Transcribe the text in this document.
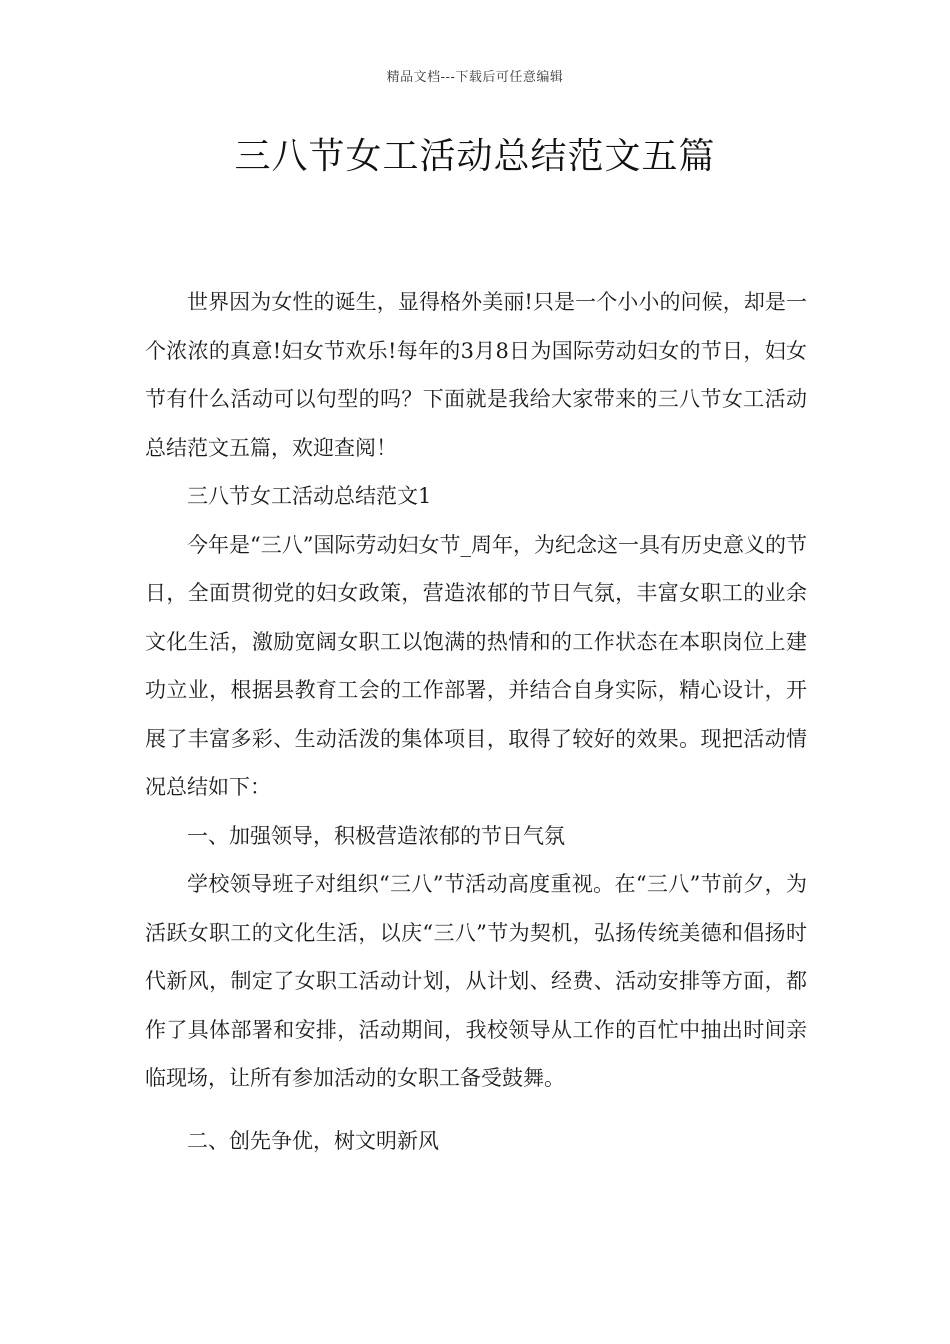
精品文档---下载后可任意编辑
三八节女工活动总结范文五篇

世界因为女性的诞生，显得格外美丽!只是一个小小的问候，却是一个浓浓的真意!妇女节欢乐!每年的3月8日为国际劳动妇女的节日，妇女节有什么活动可以句型的吗？下面就是我给大家带来的三八节女工活动总结范文五篇，欢迎查阅！

三八节女工活动总结范文1

今年是“三八”国际劳动妇女节_周年，为纪念这一具有历史意义的节日，全面贯彻党的妇女政策，营造浓郁的节日气氛，丰富女职工的业余文化生活，激励宽阔女职工以饱满的热情和的工作状态在本职岗位上建功立业，根据县教育工会的工作部署，并结合自身实际，精心设计，开展了丰富多彩、生动活泼的集体项目，取得了较好的效果。现把活动情况总结如下：

一、加强领导，积极营造浓郁的节日气氛

学校领导班子对组织“三八”节活动高度重视。在“三八”节前夕，为活跃女职工的文化生活，以庆“三八”节为契机，弘扬传统美德和倡扬时代新风，制定了女职工活动计划，从计划、经费、活动安排等方面，都作了具体部署和安排，活动期间，我校领导从工作的百忙中抽出时间亲临现场，让所有参加活动的女职工备受鼓舞。

二、创先争优，树文明新风
